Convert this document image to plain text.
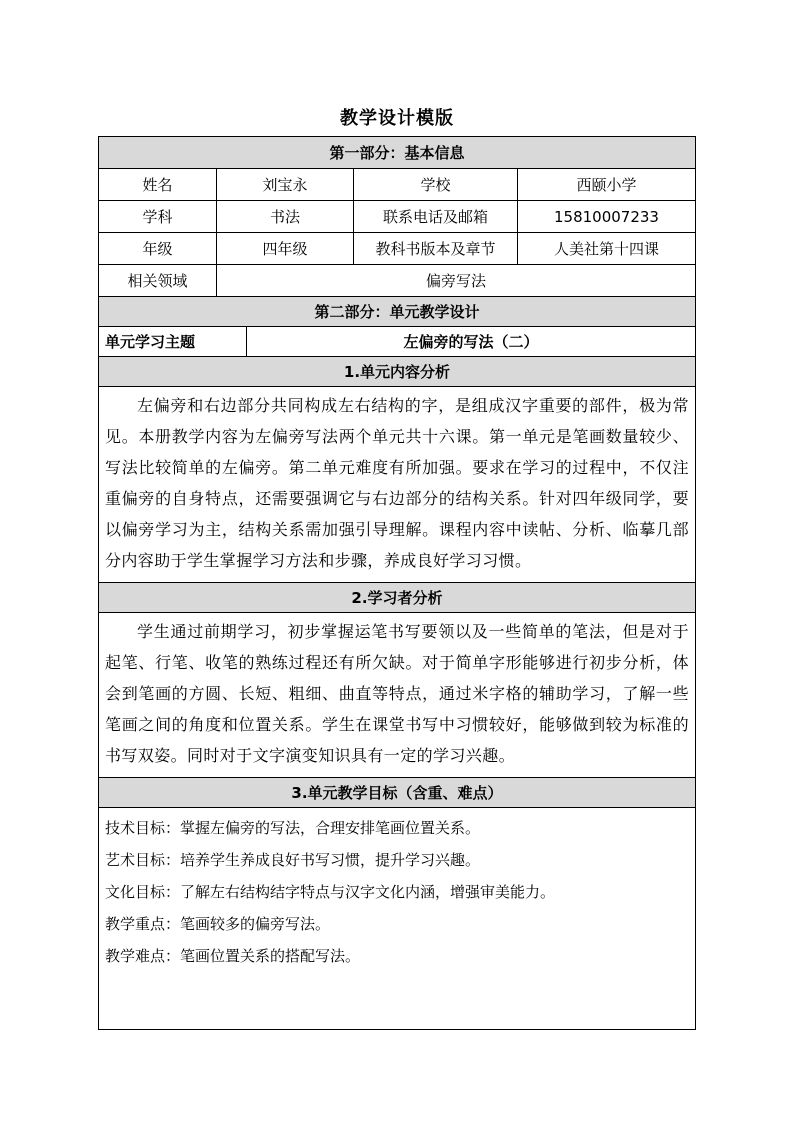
教学设计模版
第一部分：基本信息				
姓名	刘宝永		学校	西颐小学
学科	书法		联系电话及邮箱	15810007233
年级	四年级		教科书版本及章节	人美社第十四课
相关领域	偏旁写法			
第二部分：单元教学设计				
单元学习主题		左偏旁的写法（二）		
1.单元内容分析				
左偏旁和右边部分共同构成左右结构的字，是组成汉字重要的部件，极为常见。本册教学内容为左偏旁写法两个单元共十六课。第一单元是笔画数量较少、写法比较简单的左偏旁。第二单元难度有所加强。要求在学习的过程中，不仅注重偏旁的自身特点，还需要强调它与右边部分的结构关系。针对四年级同学，要以偏旁学习为主，结构关系需加强引导理解。课程内容中读帖、分析、临摹几部分内容助于学生掌握学习方法和步骤，养成良好学习习惯。				
2.学习者分析				
学生通过前期学习，初步掌握运笔书写要领以及一些简单的笔法，但是对于起笔、行笔、收笔的熟练过程还有所欠缺。对于简单字形能够进行初步分析，体会到笔画的方圆、长短、粗细、曲直等特点，通过米字格的辅助学习，了解一些笔画之间的角度和位置关系。学生在课堂书写中习惯较好，能够做到较为标准的书写双姿。同时对于文字演变知识具有一定的学习兴趣。				
3.单元教学目标（含重、难点）				

技术目标：掌握左偏旁的写法，合理安排笔画位置关系。
艺术目标：培养学生养成良好书写习惯，提升学习兴趣。
文化目标：了解左右结构结字特点与汉字文化内涵，增强审美能力。
教学重点：笔画较多的偏旁写法。
教学难点：笔画位置关系的搭配写法。				
